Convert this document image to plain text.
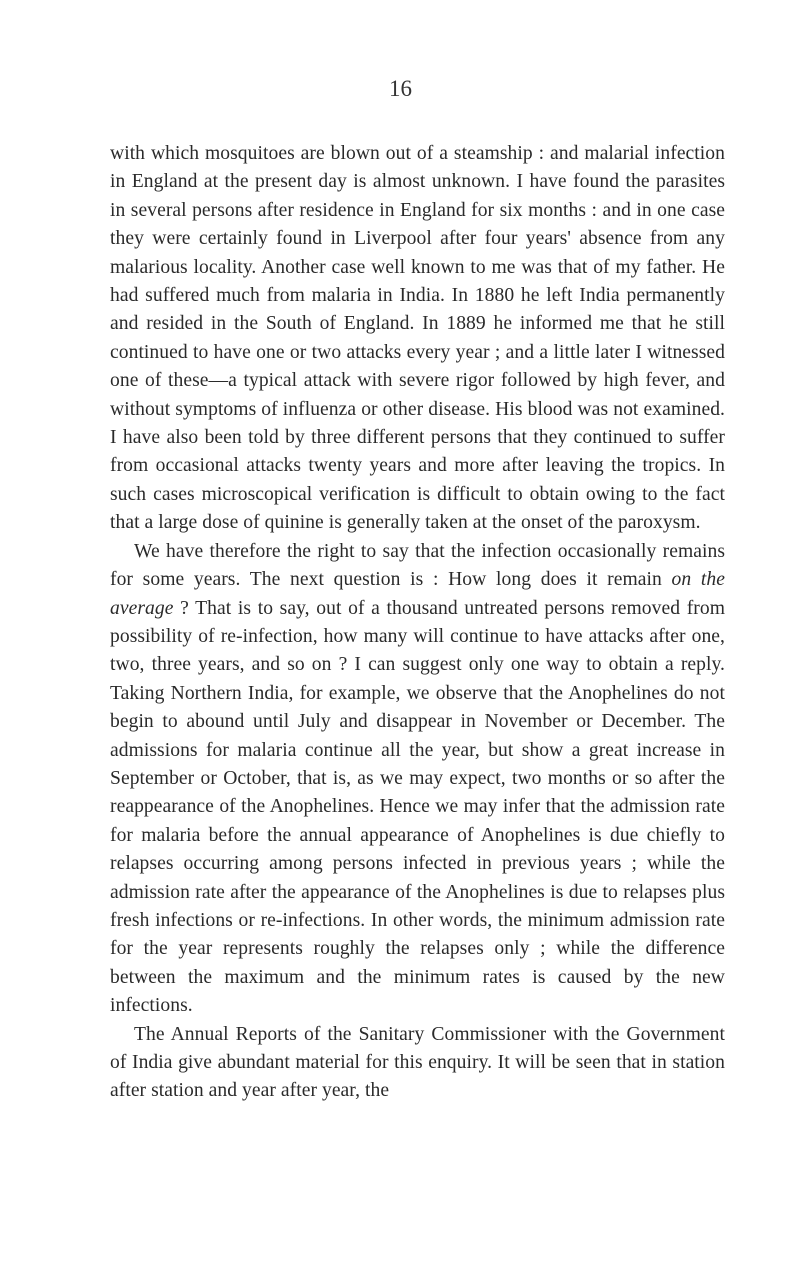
16

with which mosquitoes are blown out of a steamship : and malarial infection in England at the present day is almost unknown. I have found the parasites in several persons after residence in England for six months : and in one case they were certainly found in Liverpool after four years' absence from any malarious locality. Another case well known to me was that of my father. He had suffered much from malaria in India. In 1880 he left India permanently and resided in the South of England. In 1889 he informed me that he still continued to have one or two attacks every year ; and a little later I witnessed one of these—a typical attack with severe rigor followed by high fever, and without symptoms of influenza or other disease. His blood was not examined. I have also been told by three different persons that they continued to suffer from occasional attacks twenty years and more after leaving the tropics. In such cases microscopical verification is difficult to obtain owing to the fact that a large dose of quinine is generally taken at the onset of the paroxysm.

We have therefore the right to say that the infection occasionally remains for some years. The next question is : How long does it remain on the average ? That is to say, out of a thousand untreated persons removed from possibility of re-infection, how many will continue to have attacks after one, two, three years, and so on ? I can suggest only one way to obtain a reply. Taking Northern India, for example, we observe that the Anophelines do not begin to abound until July and disappear in November or December. The admissions for malaria continue all the year, but show a great increase in September or October, that is, as we may expect, two months or so after the reappearance of the Anophelines. Hence we may infer that the admission rate for malaria before the annual appearance of Anophelines is due chiefly to relapses occurring among persons infected in previous years ; while the admission rate after the appearance of the Anophelines is due to relapses plus fresh infections or re-infections. In other words, the minimum admission rate for the year represents roughly the relapses only ; while the difference between the maximum and the minimum rates is caused by the new infections.

The Annual Reports of the Sanitary Commissioner with the Government of India give abundant material for this enquiry. It will be seen that in station after station and year after year, the
